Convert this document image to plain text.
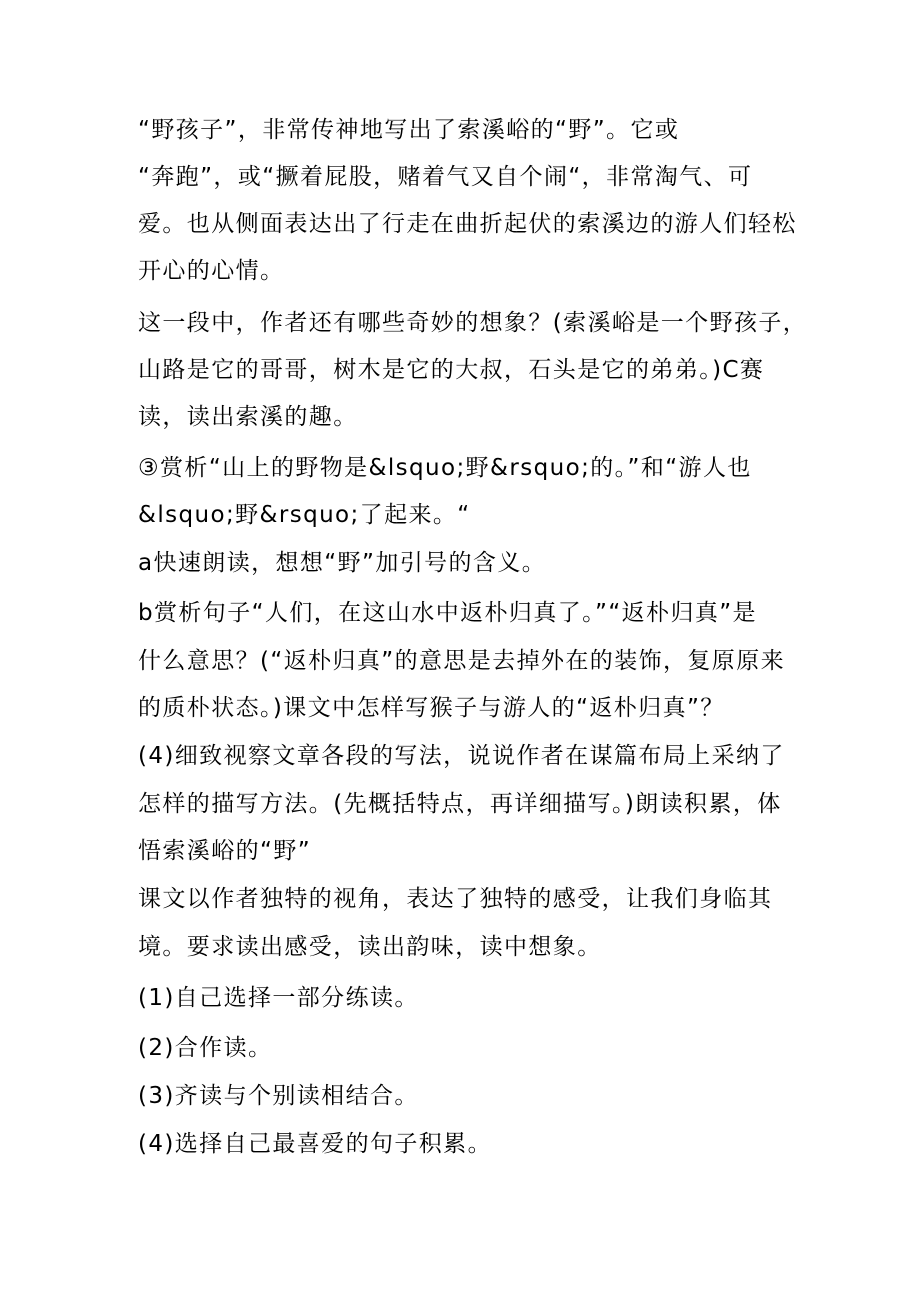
“野孩子”，非常传神地写出了索溪峪的“野”。它或
“奔跑”，或“撅着屁股，赌着气又自个闹“，非常淘气、可
爱。也从侧面表达出了行走在曲折起伏的索溪边的游人们轻松
开心的心情。
这一段中，作者还有哪些奇妙的想象？(索溪峪是一个野孩子，
山路是它的哥哥，树木是它的大叔，石头是它的弟弟。)C赛
读，读出索溪的趣。
③赏析“山上的野物是&lsquo;野&rsquo;的。”和“游人也
&lsquo;野&rsquo;了起来。“
a快速朗读，想想“野”加引号的含义。
b赏析句子“人们，在这山水中返朴归真了。”“返朴归真”是
什么意思？(“返朴归真”的意思是去掉外在的装饰，复原原来
的质朴状态。)课文中怎样写猴子与游人的“返朴归真”？
(4)细致视察文章各段的写法，说说作者在谋篇布局上采纳了
怎样的描写方法。(先概括特点，再详细描写。)朗读积累，体
悟索溪峪的“野”
课文以作者独特的视角，表达了独特的感受，让我们身临其
境。要求读出感受，读出韵味，读中想象。
(1)自己选择一部分练读。
(2)合作读。
(3)齐读与个别读相结合。
(4)选择自己最喜爱的句子积累。
